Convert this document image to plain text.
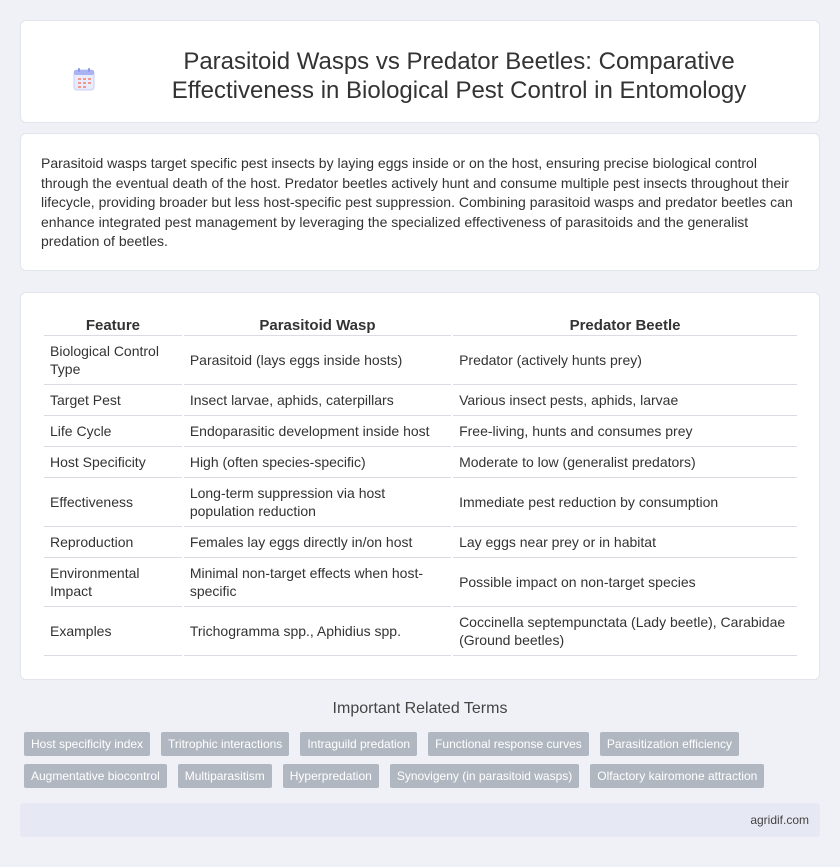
Parasitoid Wasps vs Predator Beetles: Comparative Effectiveness in Biological Pest Control in Entomology

Parasitoid wasps target specific pest insects by laying eggs inside or on the host, ensuring precise biological control through the eventual death of the host. Predator beetles actively hunt and consume multiple pest insects throughout their lifecycle, providing broader but less host-specific pest suppression. Combining parasitoid wasps and predator beetles can enhance integrated pest management by leveraging the specialized effectiveness of parasitoids and the generalist predation of beetles.

Feature	Parasitoid Wasp	Predator Beetle
Biological Control Type	Parasitoid (lays eggs inside hosts)	Predator (actively hunts prey)
Target Pest	Insect larvae, aphids, caterpillars	Various insect pests, aphids, larvae
Life Cycle	Endoparasitic development inside host	Free-living, hunts and consumes prey
Host Specificity	High (often species-specific)	Moderate to low (generalist predators)
Effectiveness	Long-term suppression via host population reduction	Immediate pest reduction by consumption
Reproduction	Females lay eggs directly in/on host	Lay eggs near prey or in habitat
Environmental Impact	Minimal non-target effects when host-specific	Possible impact on non-target species
Examples	Trichogramma spp., Aphidius spp.	Coccinella septempunctata (Lady beetle), Carabidae (Ground beetles)
Important Related Terms
Host specificity index	Tritrophic interactions	Intraguild predation	Functional response curves	Parasitization efficiency
Augmentative biocontrol	Multiparasitism	Hyperpredation	Synovigeny (in parasitoid wasps)	Olfactory kairomone attraction
agridif.com
